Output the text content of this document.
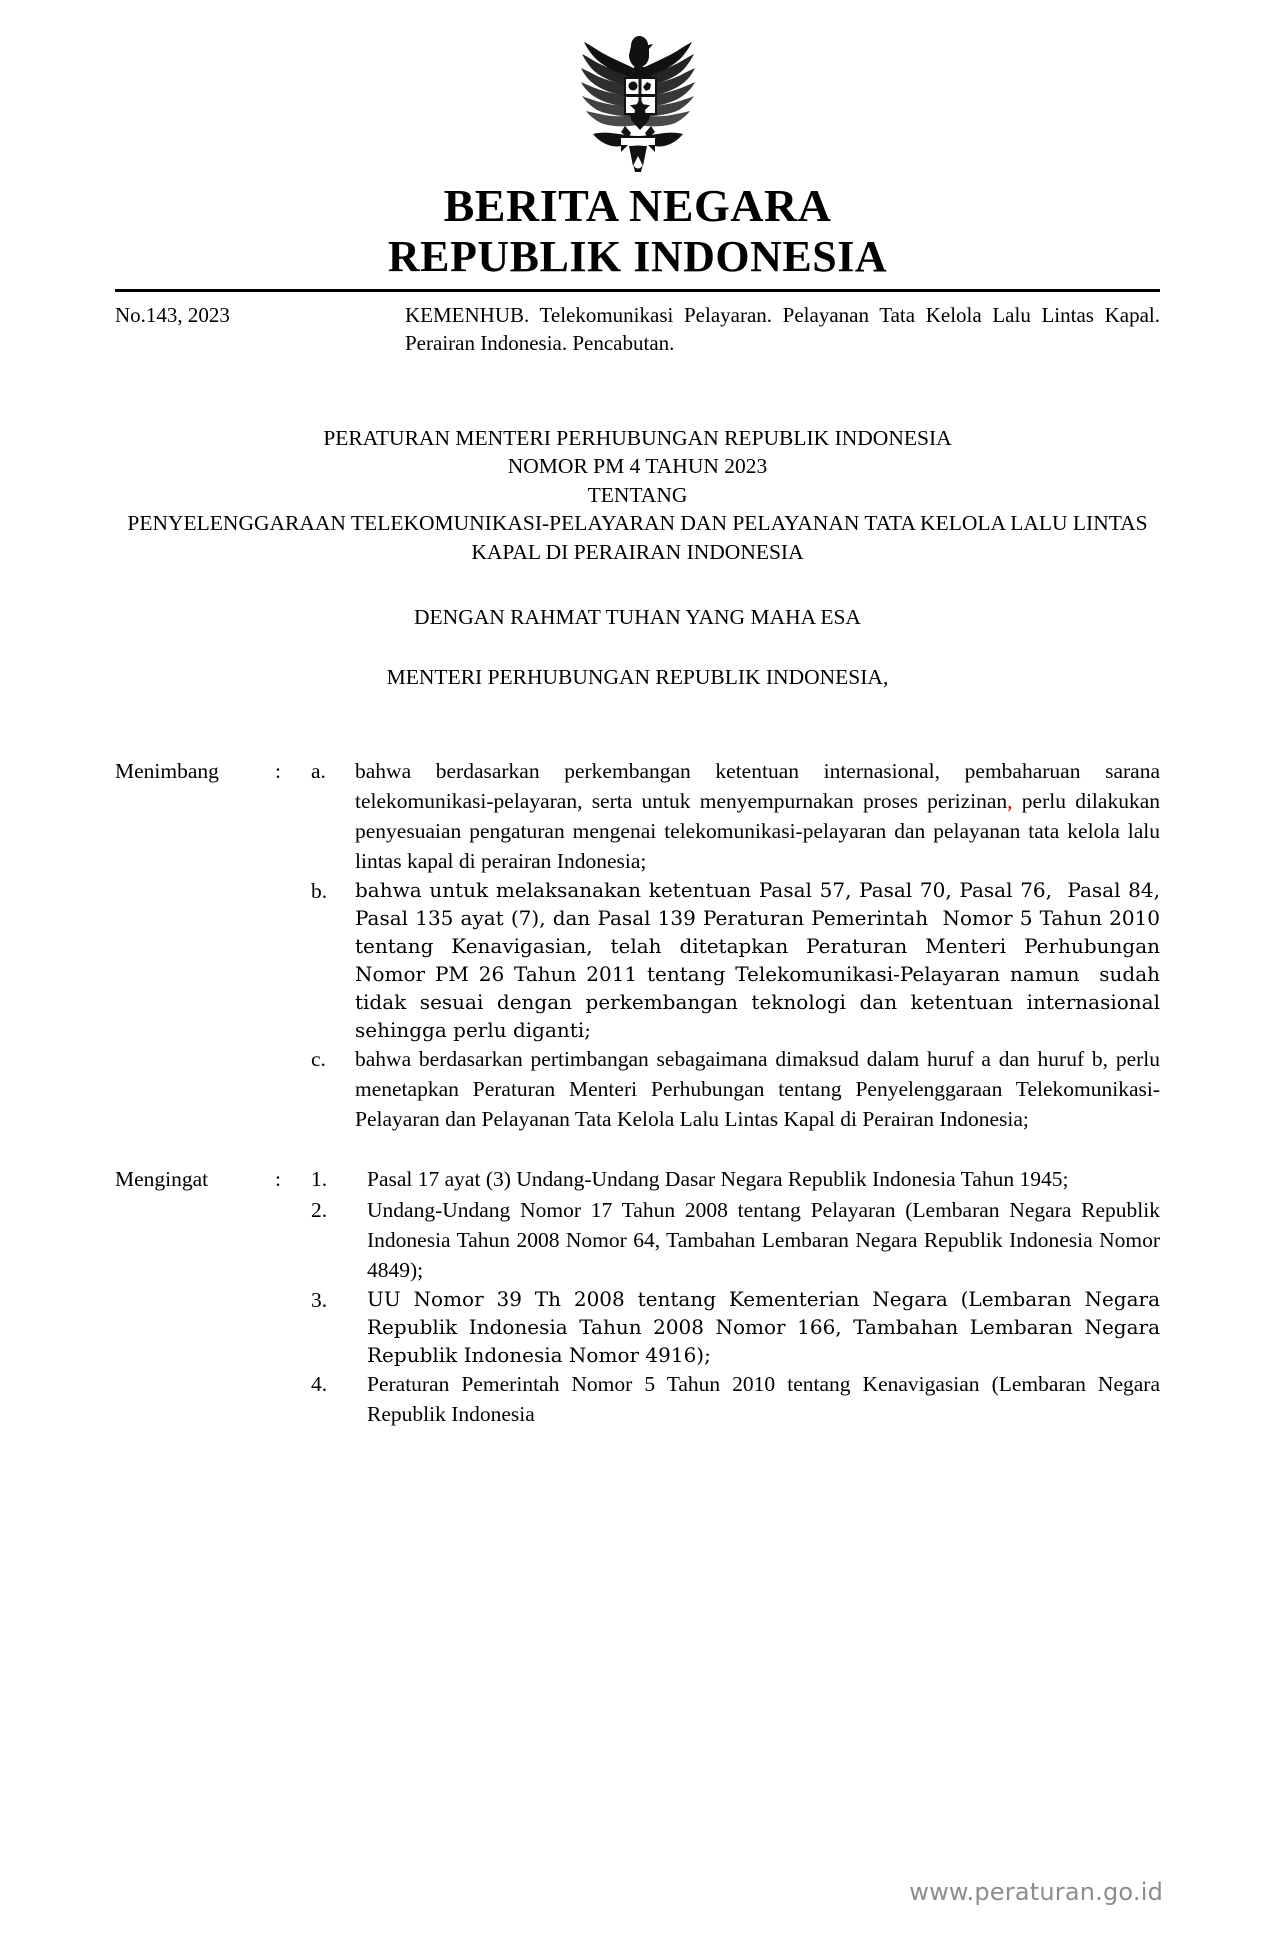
BERITA NEGARA
REPUBLIK INDONESIA
No.143, 2023	KEMENHUB. Telekomunikasi Pelayaran. Pelayanan Tata Kelola Lalu Lintas Kapal. Perairan Indonesia. Pencabutan.
PERATURAN MENTERI PERHUBUNGAN REPUBLIK INDONESIA
NOMOR PM 4 TAHUN 2023
TENTANG
PENYELENGGARAAN TELEKOMUNIKASI-PELAYARAN DAN PELAYANAN TATA KELOLA LALU LINTAS KAPAL DI PERAIRAN INDONESIA
DENGAN RAHMAT TUHAN YANG MAHA ESA
MENTERI PERHUBUNGAN REPUBLIK INDONESIA,
Menimbang	:	a.	bahwa berdasarkan perkembangan ketentuan internasional, pembaharuan sarana telekomunikasi-pelayaran, serta untuk menyempurnakan proses perizinan, perlu dilakukan penyesuaian pengaturan mengenai telekomunikasi-pelayaran dan pelayanan tata kelola lalu lintas kapal di perairan Indonesia;
b.	bahwa untuk melaksanakan ketentuan Pasal 57, Pasal 70, Pasal 76,  Pasal 84, Pasal 135 ayat (7), dan Pasal 139 Peraturan Pemerintah  Nomor 5 Tahun 2010 tentang Kenavigasian, telah ditetapkan Peraturan Menteri Perhubungan Nomor PM 26 Tahun 2011 tentang Telekomunikasi-Pelayaran namun  sudah tidak sesuai dengan perkembangan teknologi dan ketentuan internasional sehingga perlu diganti;
c.	bahwa berdasarkan pertimbangan sebagaimana dimaksud dalam huruf a dan huruf b, perlu menetapkan Peraturan Menteri Perhubungan tentang Penyelenggaraan Telekomunikasi-Pelayaran dan Pelayanan Tata Kelola Lalu Lintas Kapal di Perairan Indonesia;
Mengingat	:	1.	Pasal 17 ayat (3) Undang-Undang Dasar Negara Republik Indonesia Tahun 1945;
2.	Undang-Undang Nomor 17 Tahun 2008 tentang Pelayaran (Lembaran Negara Republik Indonesia Tahun 2008 Nomor 64, Tambahan Lembaran Negara Republik Indonesia Nomor 4849);
3.	UU Nomor 39 Th 2008 tentang Kementerian Negara (Lembaran Negara Republik Indonesia Tahun 2008 Nomor 166, Tambahan Lembaran Negara Republik Indonesia Nomor 4916);
4.	Peraturan Pemerintah Nomor 5 Tahun 2010 tentang Kenavigasian (Lembaran Negara Republik Indonesia
www.peraturan.go.id
